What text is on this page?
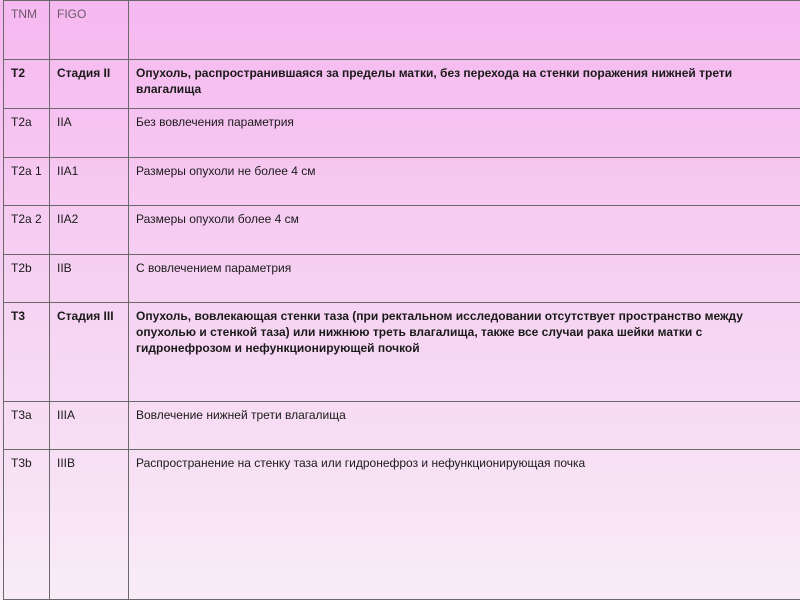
TNM	FIGO	
T2	Стадия II	Опухоль, распространившаяся за пределы матки, без перехода на стенки поражения нижней трети влагалища
T2a	IIA	Без вовлечения параметрия
T2a 1	IIA1	Размеры опухоли не более 4 см
T2a 2	IIA2	Размеры опухоли более 4 см
T2b	IIB	С вовлечением параметрия
T3	Стадия III	Опухоль, вовлекающая стенки таза (при ректальном исследовании отсутствует пространство между опухолью и стенкой таза) или нижнюю треть влагалища, также все случаи рака шейки матки с гидронефрозом и нефункционирующей почкой
T3a	IIIA	Вовлечение нижней трети влагалища
T3b	IIIB	Распространение на стенку таза или гидронефроз и нефункционирующая почка
